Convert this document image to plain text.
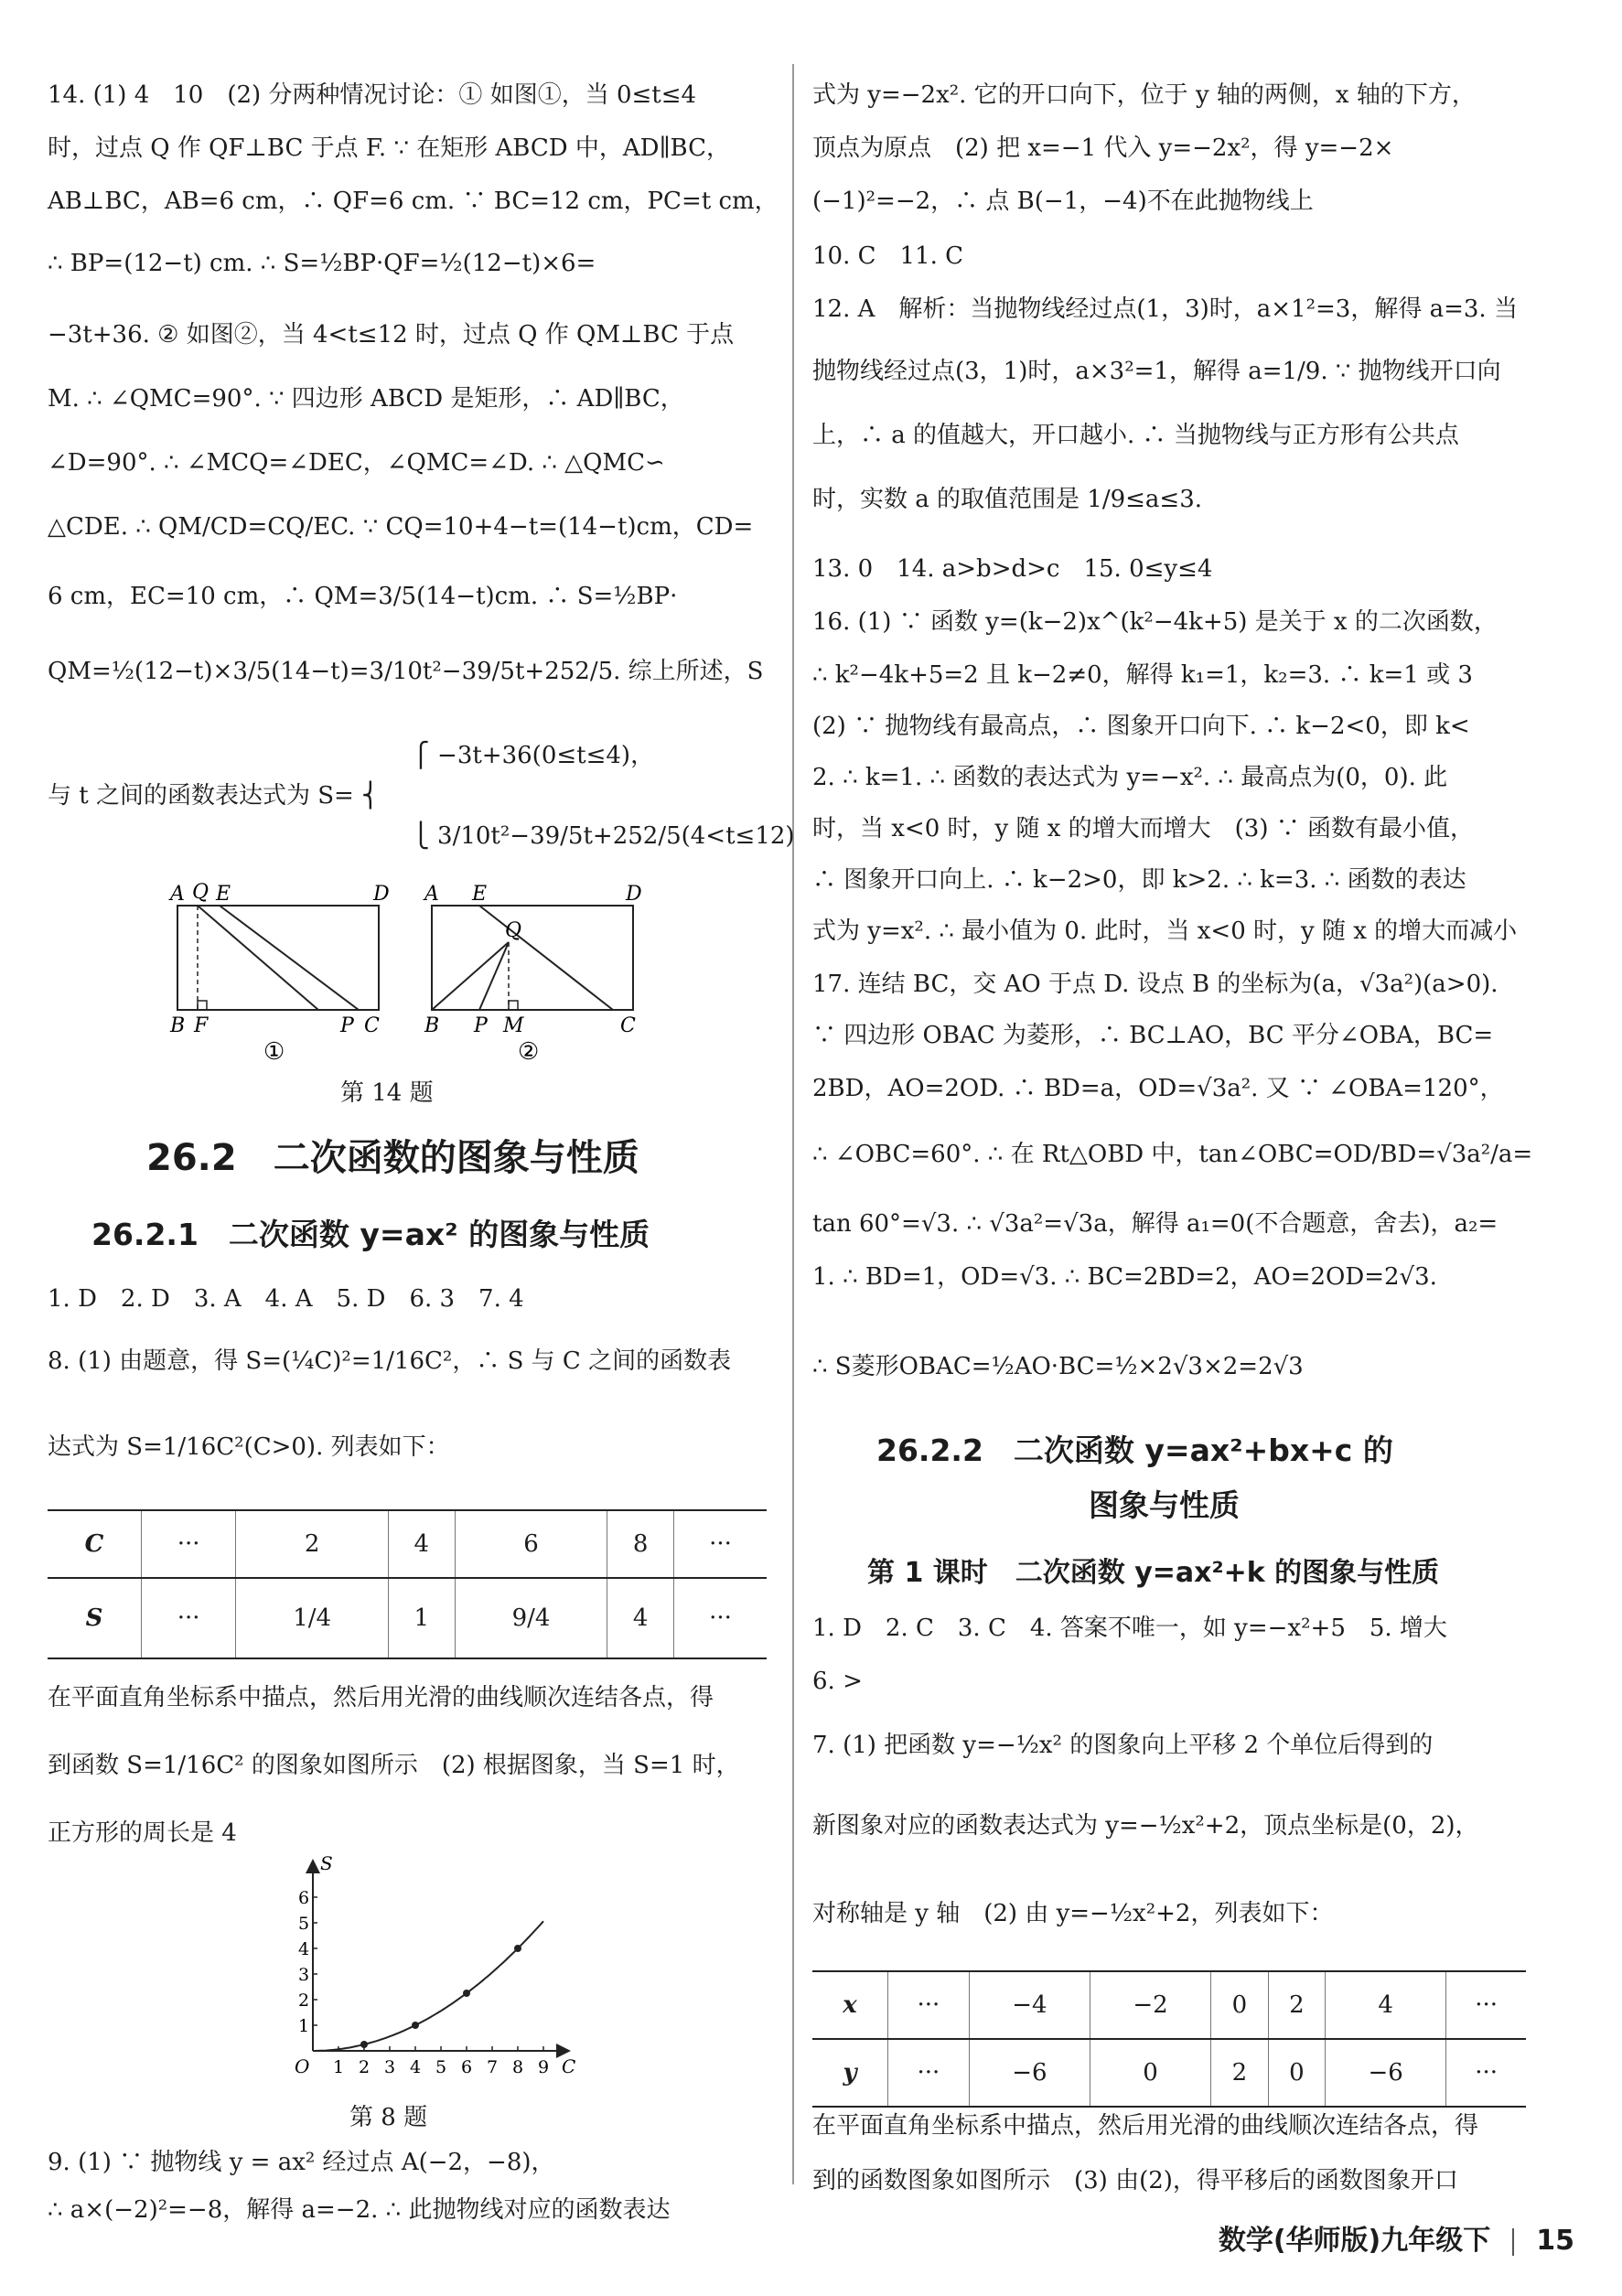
14. (1) 4　10　(2) 分两种情况讨论：① 如图①，当 0≤t≤4
时，过点 Q 作 QF⊥BC 于点 F. ∵ 在矩形 ABCD 中，AD∥BC，
AB⊥BC，AB=6 cm，∴ QF=6 cm. ∵ BC=12 cm，PC=t cm，
∴ BP=(12−t) cm. ∴ S=½BP·QF=½(12−t)×6=
−3t+36. ② 如图②，当 4<t≤12 时，过点 Q 作 QM⊥BC 于点
M. ∴ ∠QMC=90°. ∵ 四边形 ABCD 是矩形，∴ AD∥BC，
∠D=90°. ∴ ∠MCQ=∠DEC，∠QMC=∠D. ∴ △QMC∽
△CDE. ∴ QM/CD=CQ/EC. ∵ CQ=10+4−t=(14−t)cm，CD=
6 cm，EC=10 cm，∴ QM=3/5(14−t)cm. ∴ S=½BP·
QM=½(12−t)×3/5(14−t)=3/10t²−39/5t+252/5. 综上所述，S
　　　　　　　　　　　　　　　 ⎧ −3t+36(0≤t≤4)，
与 t 之间的函数表达式为 S= ⎨
　　　　　　　　　　　　　　　 ⎩ 3/10t²−39/5t+252/5(4<t≤12)
A Q E	D
B F	P C
①
A E	D
Q
B P M	C
②
第 14 题
26.2　二次函数的图象与性质
26.2.1　二次函数 y=ax² 的图象与性质
1. D　2. D　3. A　4. A　5. D　6. 3　7. 4
8. (1) 由题意，得 S=(¼C)²=1/16C²，∴ S 与 C 之间的函数表
达式为 S=1/16C²(C>0). 列表如下：
C	···	2	4	6	8	···
S	···	1/4	1	9/4	4	···
在平面直角坐标系中描点，然后用光滑的曲线顺次连结各点，得
到函数 S=1/16C² 的图象如图所示　(2) 根据图象，当 S=1 时，
正方形的周长是 4
S
C
O
1
2
3
4
5
6
1 2 3 4 5 6 7 8 9
第 8 题
9. (1) ∵ 抛物线 y = ax² 经过点 A(−2，−8)，
∴ a×(−2)²=−8，解得 a=−2. ∴ 此抛物线对应的函数表达
式为 y=−2x². 它的开口向下，位于 y 轴的两侧，x 轴的下方，
顶点为原点　(2) 把 x=−1 代入 y=−2x²，得 y=−2×
(−1)²=−2，∴ 点 B(−1，−4)不在此抛物线上
10. C　11. C
12. A　解析：当抛物线经过点(1，3)时，a×1²=3，解得 a=3. 当
抛物线经过点(3，1)时，a×3²=1，解得 a=1/9. ∵ 抛物线开口向
上，∴ a 的值越大，开口越小. ∴ 当抛物线与正方形有公共点
时，实数 a 的取值范围是 1/9≤a≤3.
13. 0　14. a>b>d>c　15. 0≤y≤4
16. (1) ∵ 函数 y=(k−2)x^(k²−4k+5) 是关于 x 的二次函数，
∴ k²−4k+5=2 且 k−2≠0，解得 k₁=1，k₂=3. ∴ k=1 或 3
(2) ∵ 抛物线有最高点，∴ 图象开口向下. ∴ k−2<0，即 k<
2. ∴ k=1. ∴ 函数的表达式为 y=−x². ∴ 最高点为(0，0). 此
时，当 x<0 时，y 随 x 的增大而增大　(3) ∵ 函数有最小值，
∴ 图象开口向上. ∴ k−2>0，即 k>2. ∴ k=3. ∴ 函数的表达
式为 y=x². ∴ 最小值为 0. 此时，当 x<0 时，y 随 x 的增大而减小
17. 连结 BC，交 AO 于点 D. 设点 B 的坐标为(a，√3a²)(a>0).
∵ 四边形 OBAC 为菱形，∴ BC⊥AO，BC 平分∠OBA，BC=
2BD，AO=2OD. ∴ BD=a，OD=√3a². 又 ∵ ∠OBA=120°，
∴ ∠OBC=60°. ∴ 在 Rt△OBD 中，tan∠OBC=OD/BD=√3a²/a=
tan 60°=√3. ∴ √3a²=√3a，解得 a₁=0(不合题意，舍去)，a₂=
1. ∴ BD=1，OD=√3. ∴ BC=2BD=2，AO=2OD=2√3.
∴ S菱形OBAC=½AO·BC=½×2√3×2=2√3
26.2.2　二次函数 y=ax²+bx+c 的
图象与性质
第 1 课时　二次函数 y=ax²+k 的图象与性质
1. D　2. C　3. C　4. 答案不唯一，如 y=−x²+5　5. 增大
6. >
7. (1) 把函数 y=−½x² 的图象向上平移 2 个单位后得到的
新图象对应的函数表达式为 y=−½x²+2，顶点坐标是(0，2)，
对称轴是 y 轴　(2) 由 y=−½x²+2，列表如下：
x	···	−4	−2	0	2	4	···
y	···	−6	0	2	0	−6	···
在平面直角坐标系中描点，然后用光滑的曲线顺次连结各点，得
到的函数图象如图所示　(3) 由(2)，得平移后的函数图象开口
数学(华师版)九年级下 15
